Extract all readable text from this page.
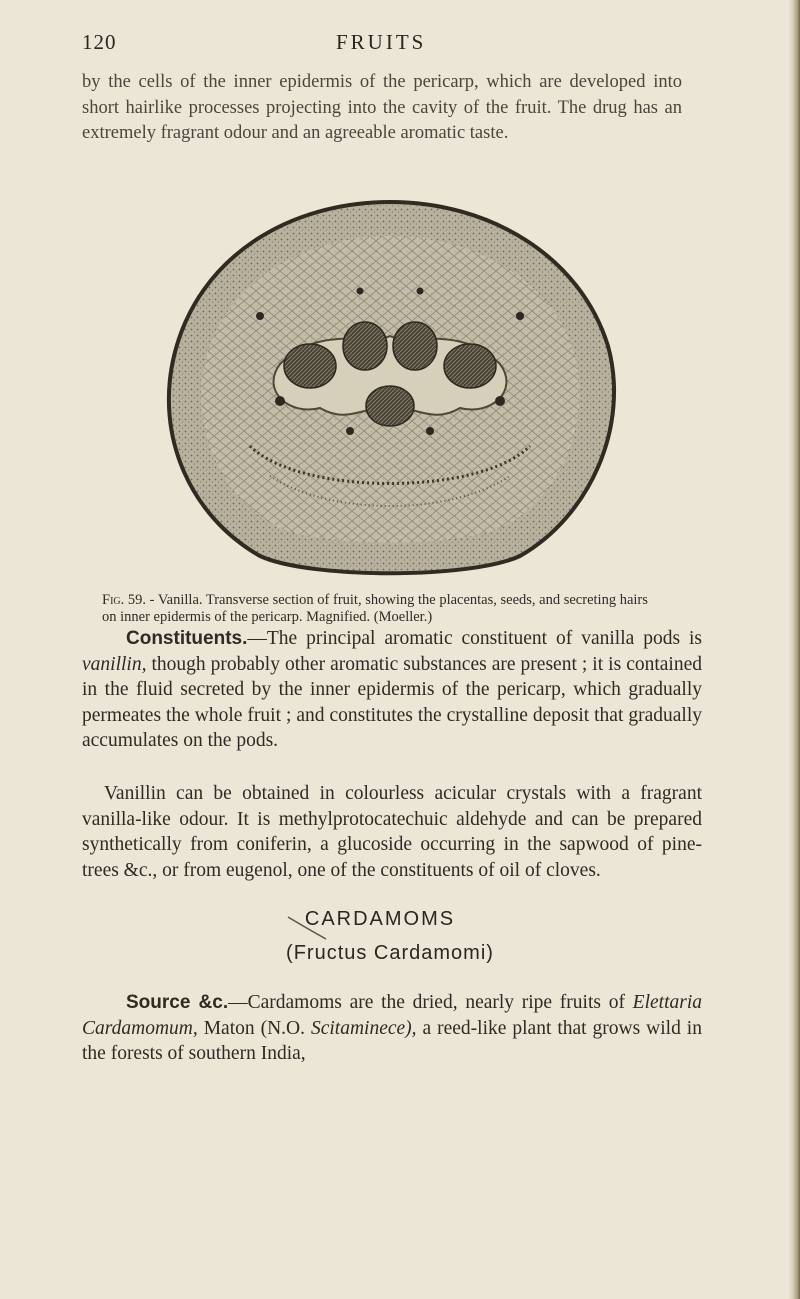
120	FRUITS

by the cells of the inner epidermis of the pericarp, which are developed into short hairlike processes projecting into the cavity of the fruit. The drug has an extremely fragrant odour and an agreeable aromatic taste.

Fig. 59. - Vanilla. Transverse section of fruit, showing the placentas, seeds, and secreting hairs on inner epidermis of the pericarp. Magnified. (Moeller.)

Constituents.—The principal aromatic constituent of vanilla pods is vanillin, though probably other aromatic substances are present ; it is contained in the fluid secreted by the inner epidermis of the pericarp, which gradually permeates the whole fruit ; and constitutes the crystalline deposit that gradually accumulates on the pods.

Vanillin can be obtained in colourless acicular crystals with a fragrant vanilla-like odour. It is methylprotocatechuic aldehyde and can be prepared synthetically from coniferin, a glucoside occurring in the sapwood of pine-trees &c., or from eugenol, one of the constituents of oil of cloves.

CARDAMOMS
(Fructus Cardamomi)

Source &c.—Cardamoms are the dried, nearly ripe fruits of Elettaria Cardamomum, Maton (N.O. Scitaminece), a reed-like plant that grows wild in the forests of southern India,
